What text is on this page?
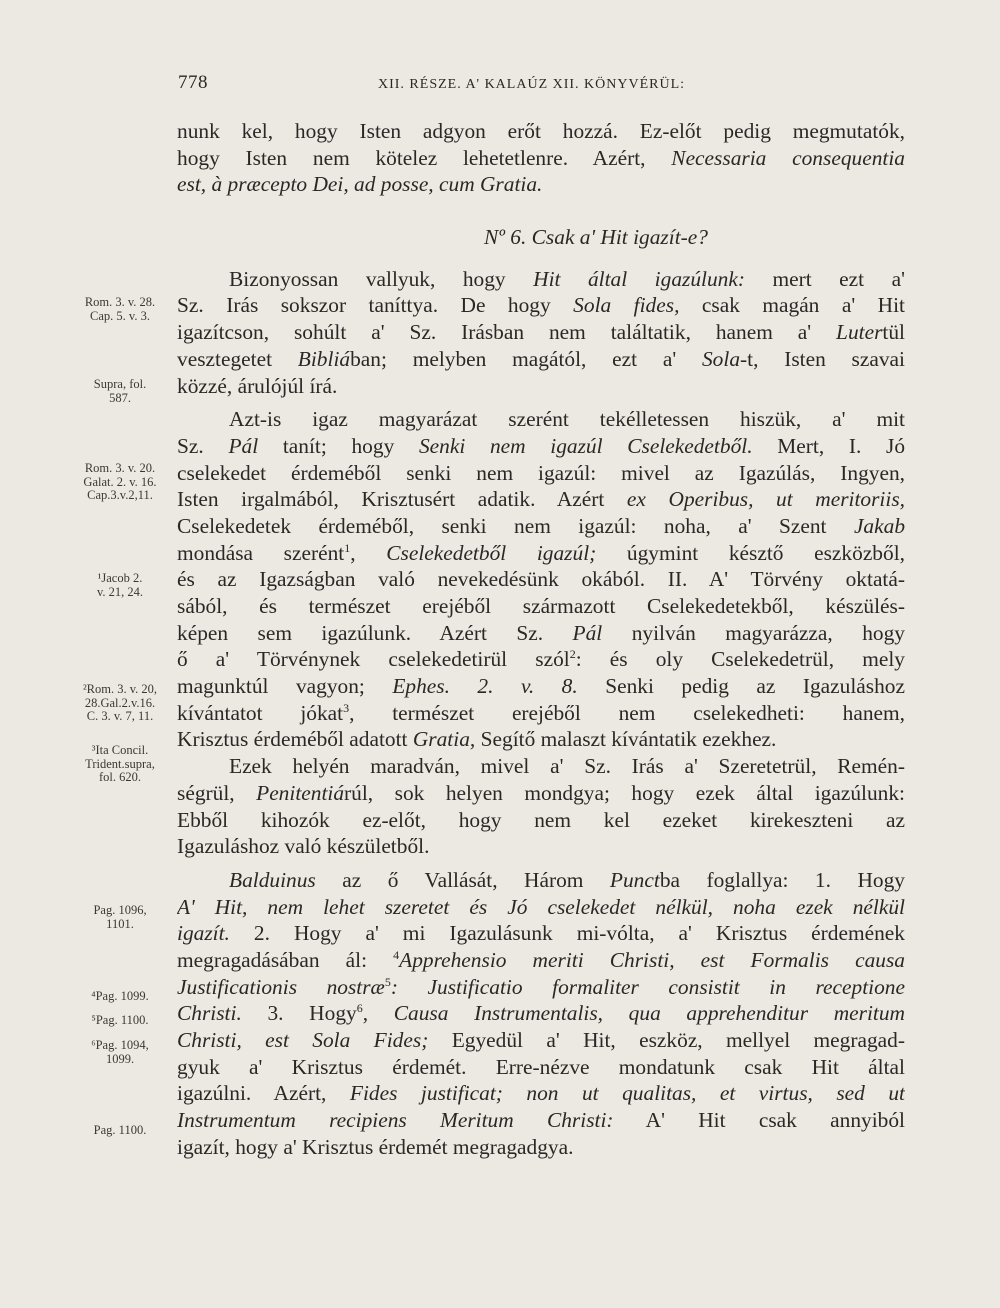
778	XII. RÉSZE. A' KALAÚZ XII. KÖNYVÉRÜL:
Rom. 3. v. 28.
Cap. 5. v. 3.
Supra, fol.
587.
Rom. 3. v. 20.
Galat. 2. v. 16.
Cap.3.v.2,11.
¹Jacob 2.
v. 21, 24.
²Rom. 3. v. 20,
28.Gal.2.v.16.
C. 3. v. 7, 11.
³Ita Concil.
Trident.supra,
fol. 620.
Pag. 1096,
1101.
⁴Pag. 1099.
⁵Pag. 1100.
⁶Pag. 1094,
1099.
Pag. 1100.
nunk kel, hogy Isten adgyon erőt hozzá. Ez-előt pedig megmutatók,
hogy Isten nem kötelez lehetetlenre. Azért, Necessaria consequentia
est, à præcepto Dei, ad posse, cum Gratia.
Nº 6. Csak a' Hit igazít-e?
Bizonyossan vallyuk, hogy Hit által igazúlunk: mert ezt a'
Sz. Irás sokszor taníttya. De hogy Sola fides, csak magán a' Hit
igazítcson, sohúlt a' Sz. Irásban nem találtatik, hanem a' Lutertül
vesztegetet Bibliában; melyben magától, ezt a' Sola-t, Isten szavai
közzé, árulójúl írá.
Azt-is igaz magyarázat szerént tekélletessen hiszük, a' mit
Sz. Pál tanít; hogy Senki nem igazúl Cselekedetből. Mert, I. Jó
cselekedet érdeméből senki nem igazúl: mivel az Igazúlás, Ingyen,
Isten irgalmából, Krisztusért adatik. Azért ex Operibus, ut meritoriis,
Cselekedetek érdeméből, senki nem igazúl: noha, a' Szent Jakab
mondása szerént$^1$, Cselekedetből igazúl; úgymint késztő eszközből,
és az Igazságban való nevekedésünk okából. II. A' Törvény oktatá-
sából, és természet erejéből származott Cselekedetekből, készülés-
képen sem igazúlunk. Azért Sz. Pál nyilván magyarázza, hogy
ő a' Törvénynek cselekedetirül szól$^2$: és oly Cselekedetrül, mely
magunktúl vagyon; Ephes. 2. v. 8. Senki pedig az Igazuláshoz
kívántatot jókat$^3$, természet erejéből nem cselekedheti: hanem,
Krisztus érdeméből adatott Gratia, Segítő malaszt kívántatik ezekhez.
Ezek helyén maradván, mivel a' Sz. Irás a' Szeretetrül, Remén-
ségrül, Penitentiárúl, sok helyen mondgya; hogy ezek által igazúlunk:
Ebből kihozók ez-előt, hogy nem kel ezeket kirekeszteni az
Igazuláshoz való készületből.
Balduinus az ő Vallását, Három Punctba foglallya: 1. Hogy
A' Hit, nem lehet szeretet és Jó cselekedet nélkül, noha ezek nélkül
igazít. 2. Hogy a' mi Igazulásunk mi-vólta, a' Krisztus érdemének
megragadásában ál: $^4$Apprehensio meriti Christi, est Formalis causa
Justificationis nostræ$^5$: Justificatio formaliter consistit in receptione
Christi. 3. Hogy$^6$, Causa Instrumentalis, qua apprehenditur meritum
Christi, est Sola Fides; Egyedül a' Hit, eszköz, mellyel megragad-
gyuk a' Krisztus érdemét. Erre-nézve mondatunk csak Hit által
igazúlni. Azért, Fides justificat; non ut qualitas, et virtus, sed ut
Instrumentum recipiens Meritum Christi: A' Hit csak annyiból
igazít, hogy a' Krisztus érdemét megragadgya.
